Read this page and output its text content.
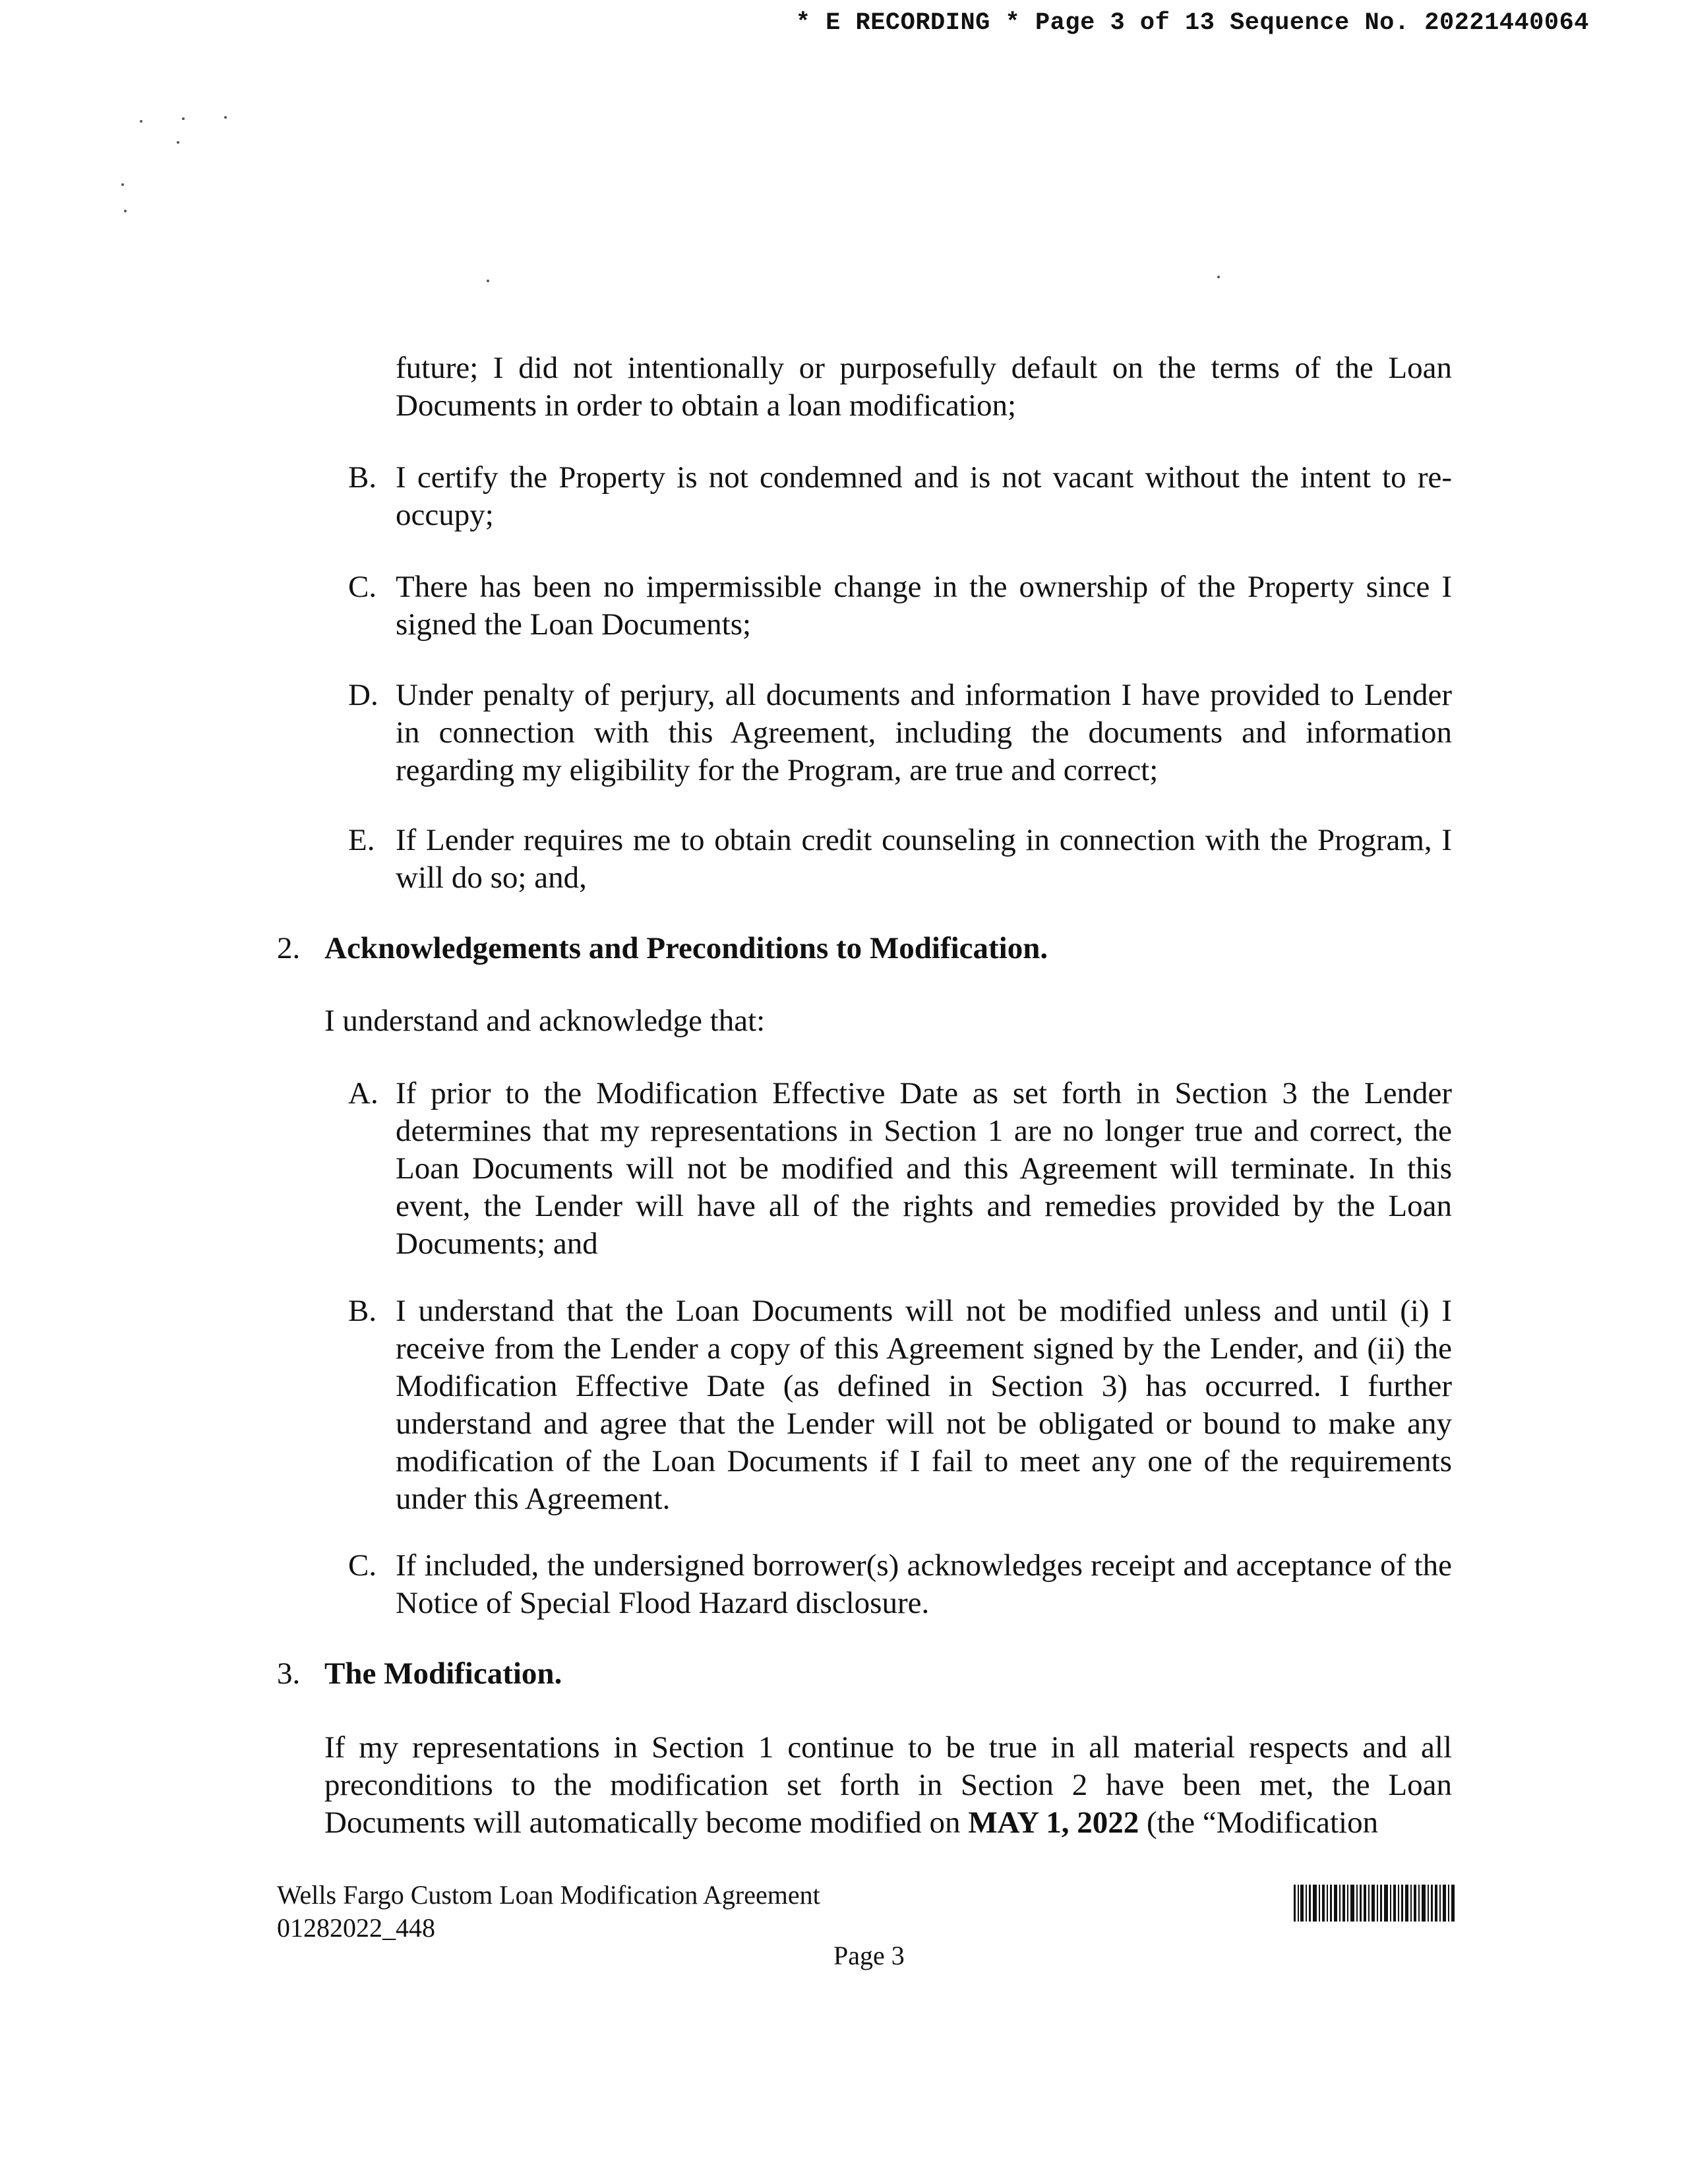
* E RECORDING * Page 3 of 13 Sequence No. 20221440064
future; I did not intentionally or purposefully default on the terms of the Loan Documents in order to obtain a loan modification;
B. I certify the Property is not condemned and is not vacant without the intent to re-occupy;
C. There has been no impermissible change in the ownership of the Property since I signed the Loan Documents;
D. Under penalty of perjury, all documents and information I have provided to Lender in connection with this Agreement, including the documents and information regarding my eligibility for the Program, are true and correct;
E. If Lender requires me to obtain credit counseling in connection with the Program, I will do so; and,
2. Acknowledgements and Preconditions to Modification.
I understand and acknowledge that:
A. If prior to the Modification Effective Date as set forth in Section 3 the Lender determines that my representations in Section 1 are no longer true and correct, the Loan Documents will not be modified and this Agreement will terminate. In this event, the Lender will have all of the rights and remedies provided by the Loan Documents; and
B. I understand that the Loan Documents will not be modified unless and until (i) I receive from the Lender a copy of this Agreement signed by the Lender, and (ii) the Modification Effective Date (as defined in Section 3) has occurred. I further understand and agree that the Lender will not be obligated or bound to make any modification of the Loan Documents if I fail to meet any one of the requirements under this Agreement.
C. If included, the undersigned borrower(s) acknowledges receipt and acceptance of the Notice of Special Flood Hazard disclosure.
3. The Modification.
If my representations in Section 1 continue to be true in all material respects and all preconditions to the modification set forth in Section 2 have been met, the Loan Documents will automatically become modified on MAY 1, 2022 (the “Modification
Wells Fargo Custom Loan Modification Agreement
01282022_448
Page 3
